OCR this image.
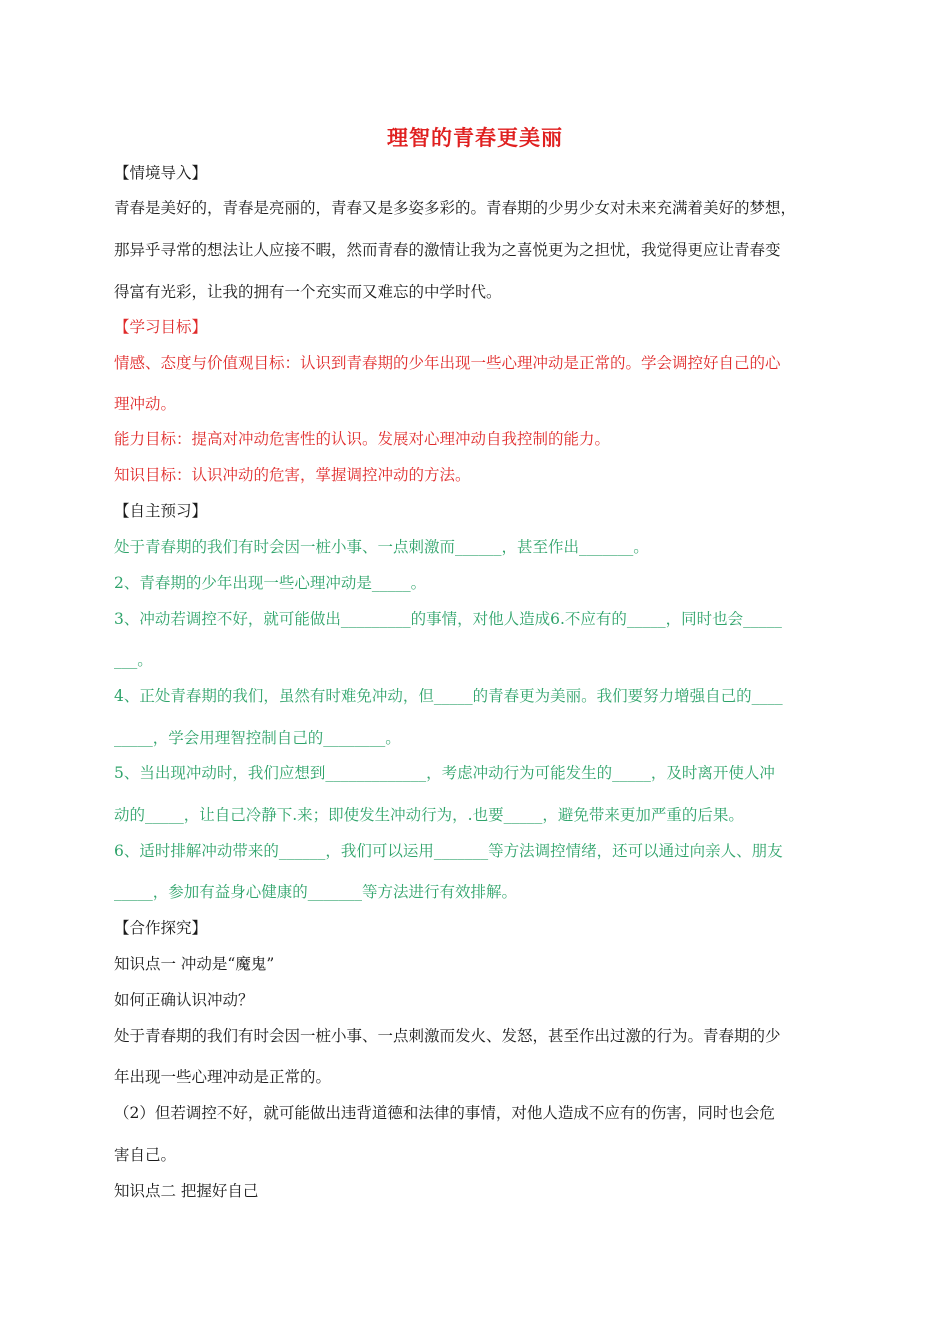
理智的青春更美丽
【情境导入】
青春是美好的，青春是亮丽的，青春又是多姿多彩的。青春期的少男少女对未来充满着美好的梦想，
那异乎寻常的想法让人应接不暇，然而青春的激情让我为之喜悦更为之担忧，我觉得更应让青春变
得富有光彩，让我的拥有一个充实而又难忘的中学时代。
【学习目标】
情感、态度与价值观目标：认识到青春期的少年出现一些心理冲动是正常的。学会调控好自己的心
理冲动。
能力目标：提高对冲动危害性的认识。发展对心理冲动自我控制的能力。
知识目标：认识冲动的危害，掌握调控冲动的方法。
【自主预习】
处于青春期的我们有时会因一桩小事、一点刺激而______，甚至作出_______。
2、青春期的少年出现一些心理冲动是_____。
3、冲动若调控不好，就可能做出_________的事情，对他人造成6.不应有的_____，同时也会_____
___。
4、正处青春期的我们，虽然有时难免冲动，但_____的青春更为美丽。我们要努力增强自己的____
_____，学会用理智控制自己的________。
5、当出现冲动时，我们应想到_____________，考虑冲动行为可能发生的_____，及时离开使人冲
动的_____，让自己冷静下.来；即使发生冲动行为，.也要_____，避免带来更加严重的后果。
6、适时排解冲动带来的______，我们可以运用_______等方法调控情绪，还可以通过向亲人、朋友
_____，参加有益身心健康的_______等方法进行有效排解。
【合作探究】
知识点一 冲动是“魔鬼”
如何正确认识冲动？
处于青春期的我们有时会因一桩小事、一点刺激而发火、发怒，甚至作出过激的行为。青春期的少
年出现一些心理冲动是正常的。
（2）但若调控不好，就可能做出违背道德和法律的事情，对他人造成不应有的伤害，同时也会危
害自己。
知识点二 把握好自己
